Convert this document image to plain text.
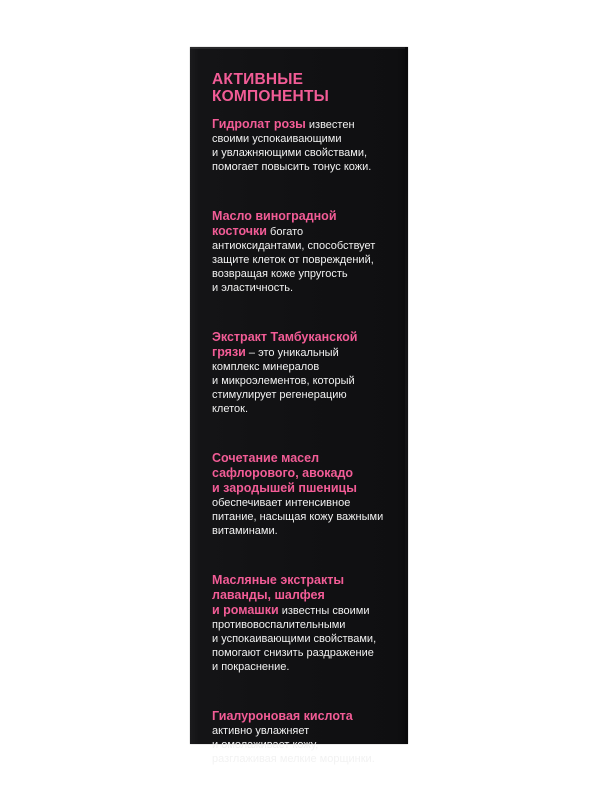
АКТИВНЫЕ
КОМПОНЕНТЫ
Гидролат розы известен
своими успокаивающими
и увлажняющими свойствами,
помогает повысить тонус кожи.
Масло виноградной
косточки богато
антиоксидантами, способствует
защите клеток от повреждений,
возвращая коже упругость
и эластичность.
Экстракт Тамбуканской
грязи – это уникальный
комплекс минералов
и микроэлементов, который
стимулирует регенерацию
клеток.
Сочетание масел
сафлорового, авокадо
и зародышей пшеницы
обеспечивает интенсивное
питание, насыщая кожу важными
витаминами.
Масляные экстракты
лаванды, шалфея
и ромашки известны своими
противовоспалительными
и успокаивающими свойствами,
помогают снизить раздражение
и покраснение.
Гиалуроновая кислота
активно увлажняет
и омолаживает кожу,
разглаживая мелкие морщинки.
